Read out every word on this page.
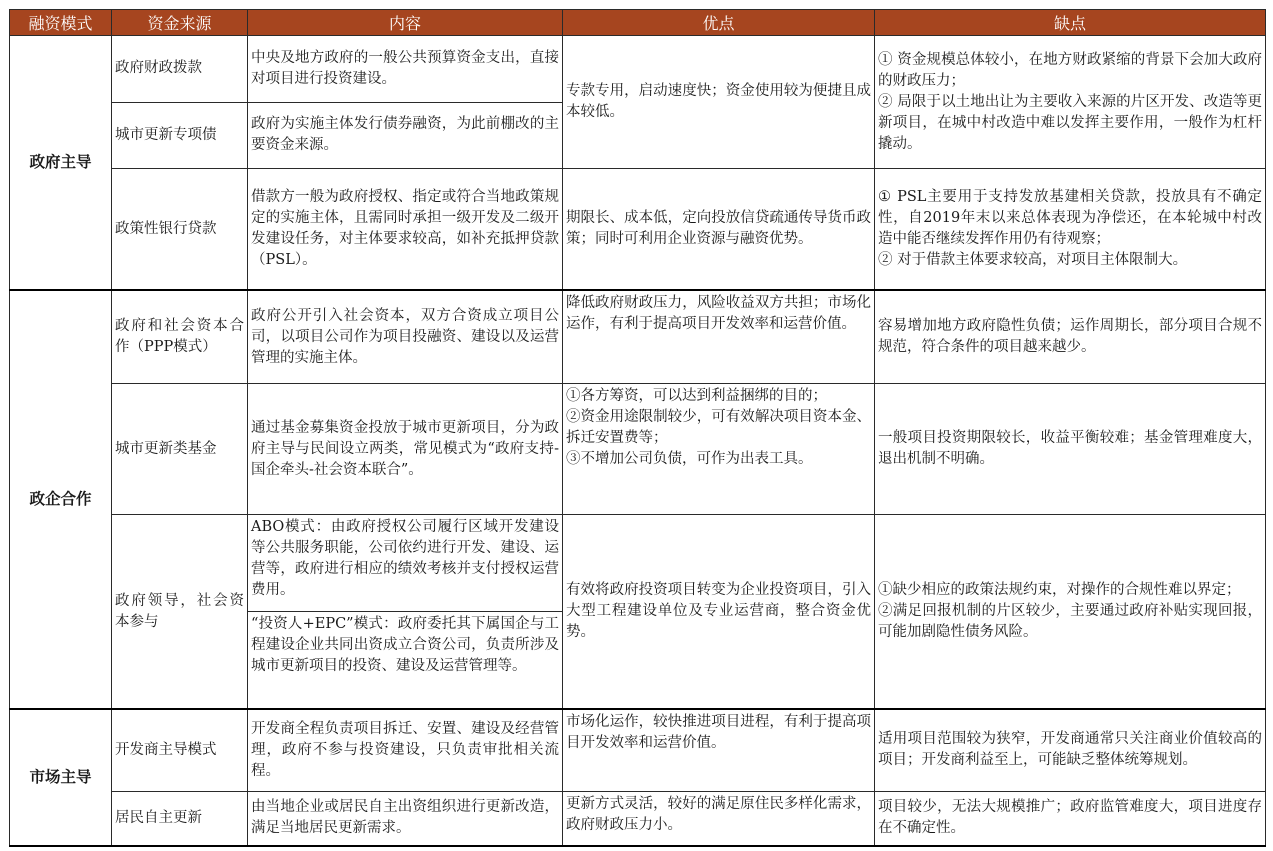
融资模式	资金来源	内容	优点	缺点
政府主导	政府财政拨款	中央及地方政府的一般公共预算资金支出，直接对项目进行投资建设。	专款专用，启动速度快；资金使用较为便捷且成本较低。	① 资金规模总体较小，在地方财政紧缩的背景下会加大政府的财政压力；
② 局限于以土地出让为主要收入来源的片区开发、改造等更新项目，在城中村改造中难以发挥主要作用，一般作为杠杆撬动。
	城市更新专项债	政府为实施主体发行债券融资，为此前棚改的主要资金来源。		
	政策性银行贷款	借款方一般为政府授权、指定或符合当地政策规定的实施主体，且需同时承担一级开发及二级开发建设任务，对主体要求较高，如补充抵押贷款（PSL）。	期限长、成本低，定向投放信贷疏通传导货币政策；同时可利用企业资源与融资优势。	① PSL主要用于支持发放基建相关贷款，投放具有不确定性，自2019年末以来总体表现为净偿还，在本轮城中村改造中能否继续发挥作用仍有待观察；
② 对于借款主体要求较高，对项目主体限制大。
政企合作	政府和社会资本合作（PPP模式）	政府公开引入社会资本，双方合资成立项目公司，以项目公司作为项目投融资、建设以及运营管理的实施主体。	降低政府财政压力，风险收益双方共担；市场化运作，有利于提高项目开发效率和运营价值。	容易增加地方政府隐性负债；运作周期长，部分项目合规不规范，符合条件的项目越来越少。
	城市更新类基金	通过基金募集资金投放于城市更新项目，分为政府主导与民间设立两类，常见模式为“政府支持-国企牵头-社会资本联合”。	①各方筹资，可以达到利益捆绑的目的；
②资金用途限制较少，可有效解决项目资本金、拆迁安置费等；
③不增加公司负债，可作为出表工具。	一般项目投资期限较长，收益平衡较难；基金管理难度大，退出机制不明确。
	政府领导，社会资本参与	ABO模式：由政府授权公司履行区域开发建设等公共服务职能，公司依约进行开发、建设、运营等，政府进行相应的绩效考核并支付授权运营费用。	有效将政府投资项目转变为企业投资项目，引入大型工程建设单位及专业运营商，整合资金优势。	①缺少相应的政策法规约束，对操作的合规性难以界定；
②满足回报机制的片区较少，主要通过政府补贴实现回报，可能加剧隐性债务风险。
		“投资人+EPC”模式：政府委托其下属国企与工程建设企业共同出资成立合资公司，负责所涉及城市更新项目的投资、建设及运营管理等。		
市场主导	开发商主导模式	开发商全程负责项目拆迁、安置、建设及经营管理，政府不参与投资建设，只负责审批相关流程。	市场化运作，较快推进项目进程，有利于提高项目开发效率和运营价值。	适用项目范围较为狭窄，开发商通常只关注商业价值较高的项目；开发商利益至上，可能缺乏整体统筹规划。
	居民自主更新	由当地企业或居民自主出资组织进行更新改造，满足当地居民更新需求。	更新方式灵活，较好的满足原住民多样化需求，政府财政压力小。	项目较少，无法大规模推广；政府监管难度大，项目进度存在不确定性。
